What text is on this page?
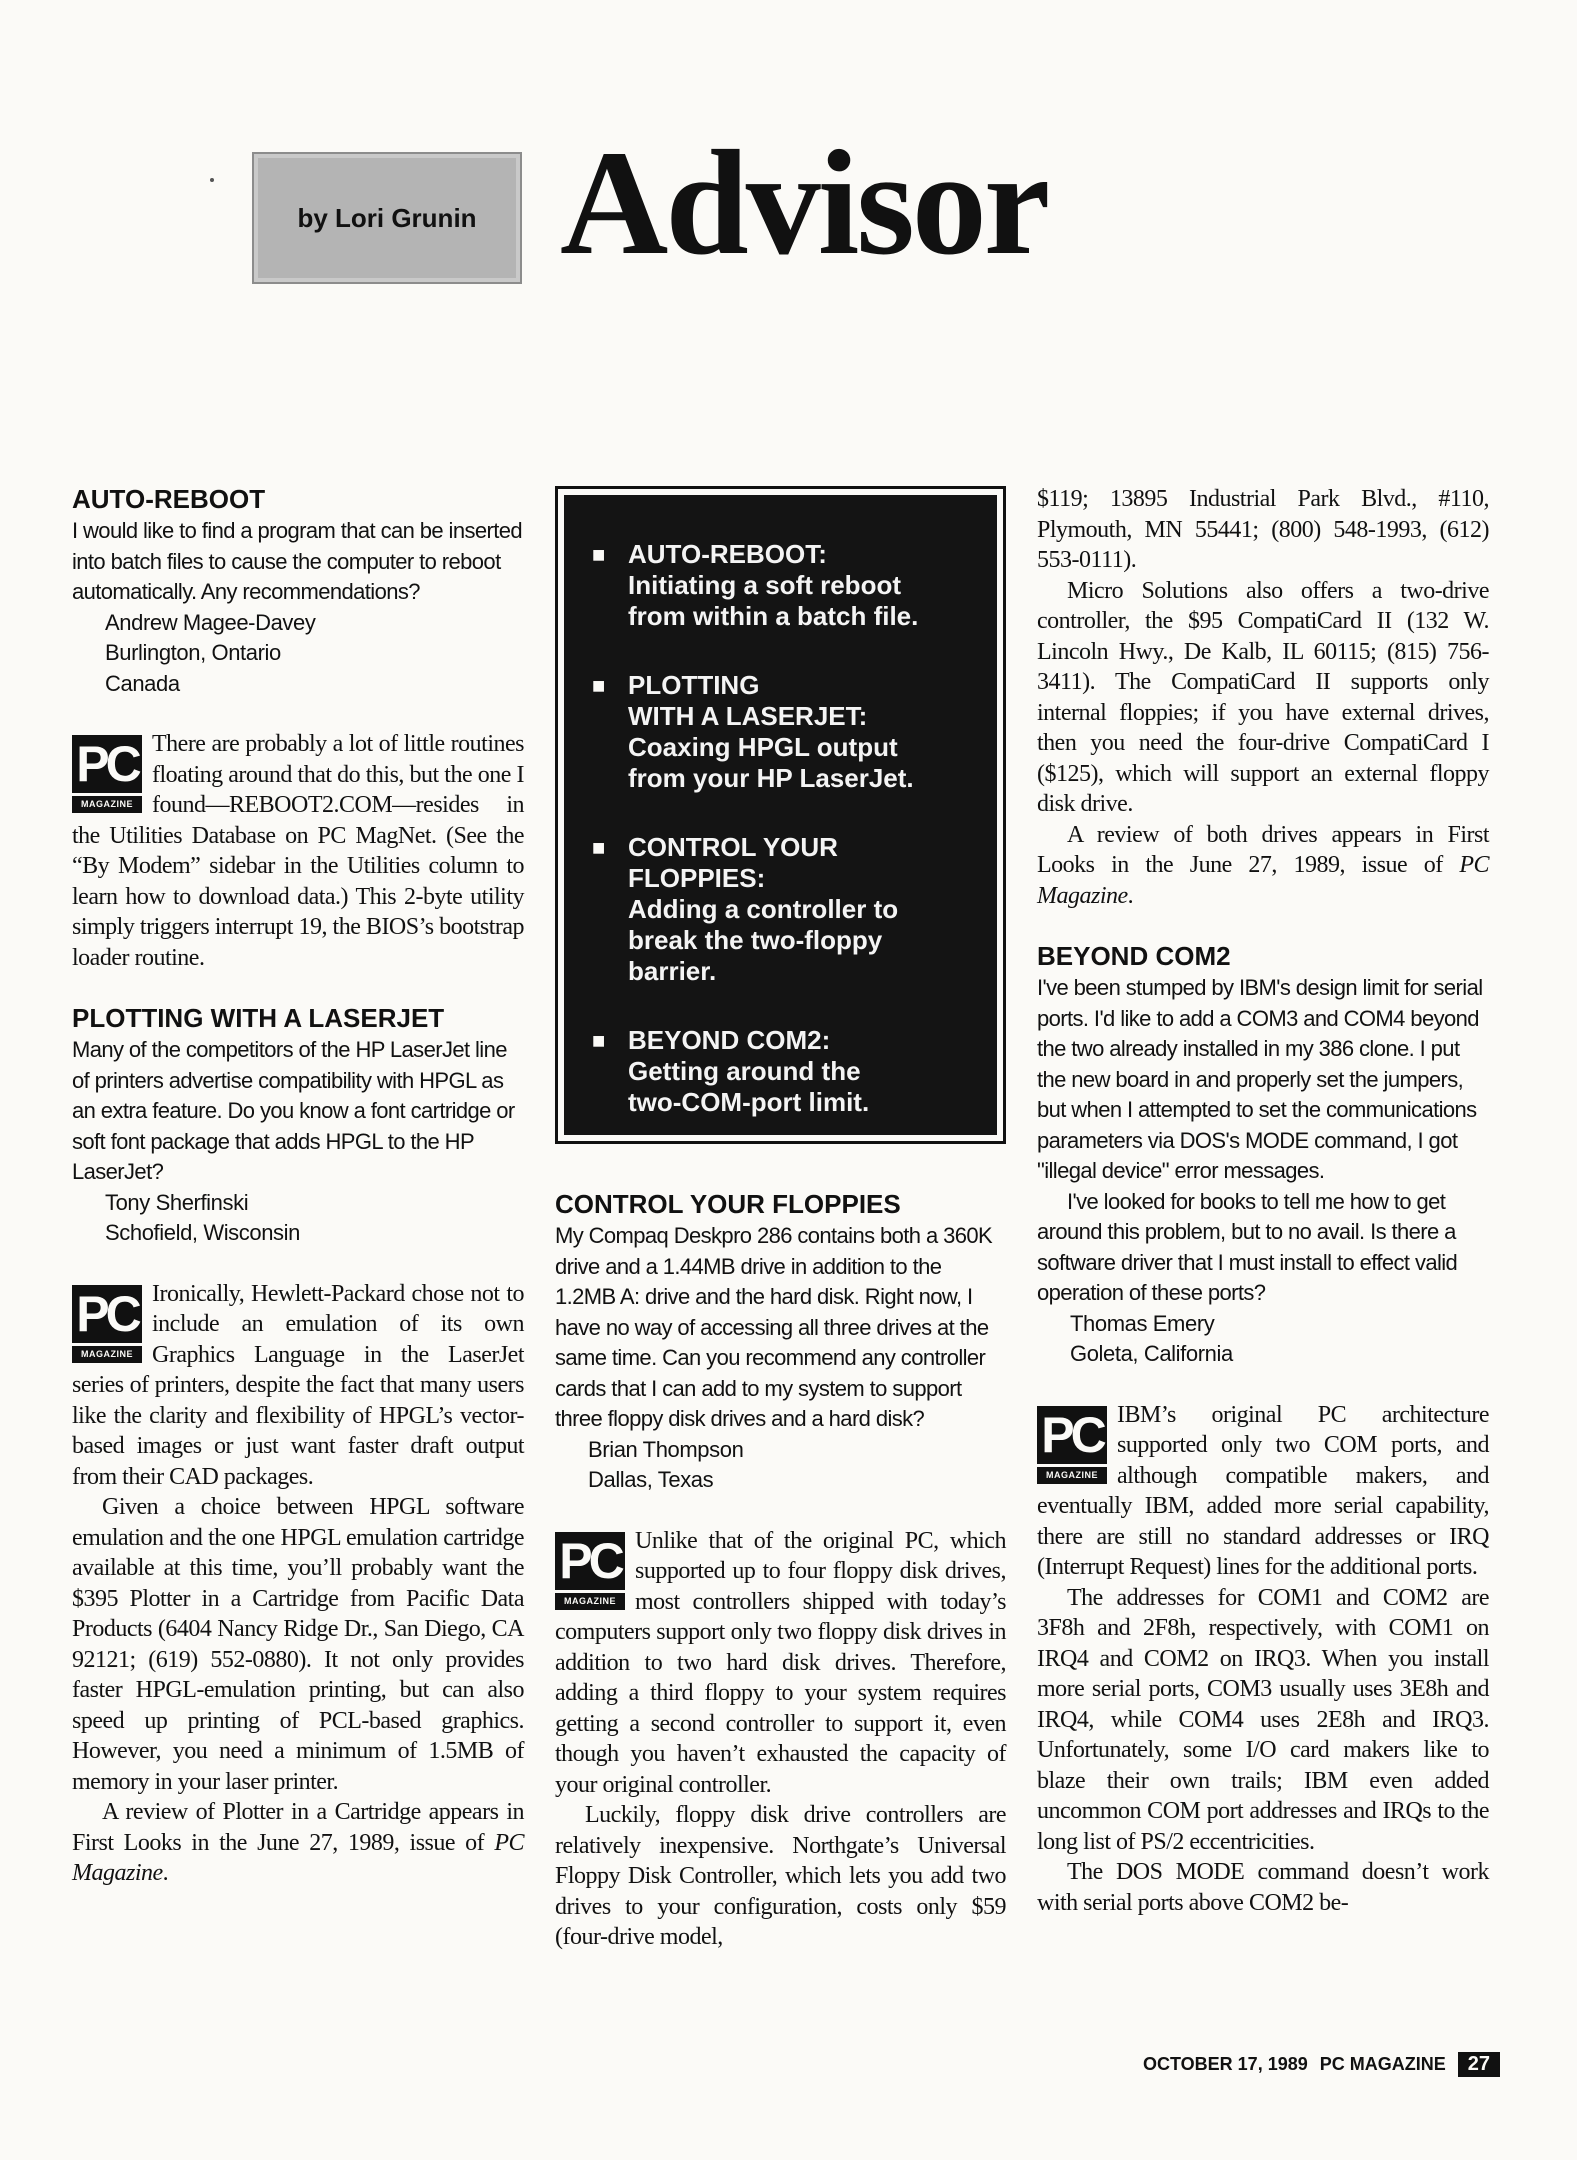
by Lori Grunin Advisor
AUTO-REBOOT

I would like to find a program that can be inserted into batch files to cause the computer to reboot automatically. Any recommendations?

Andrew Magee-Davey

Burlington, Ontario

Canada

PC
MAGAZINE

There are probably a lot of little routines floating around that do this, but the one I found—REBOOT2.COM—resides in the Utilities Database on PC MagNet. (See the “By Modem” sidebar in the Utilities column to learn how to download data.) This 2-byte utility simply triggers interrupt 19, the BIOS’s bootstrap loader routine.

PLOTTING WITH A LASERJET

Many of the competitors of the HP LaserJet line of printers advertise compatibility with HPGL as an extra feature. Do you know a font cartridge or soft font package that adds HPGL to the HP LaserJet?

Tony Sherfinski

Schofield, Wisconsin

PC
MAGAZINE

Ironically, Hewlett-Packard chose not to include an emulation of its own Graphics Language in the LaserJet series of printers, despite the fact that many users like the clarity and flexibility of HPGL’s vector-based images or just want faster draft output from their CAD packages.

Given a choice between HPGL software emulation and the one HPGL emulation cartridge available at this time, you’ll probably want the $395 Plotter in a Cartridge from Pacific Data Products (6404 Nancy Ridge Dr., San Diego, CA 92121; (619) 552-0880). It not only provides faster HPGL-emulation printing, but can also speed up printing of PCL-based graphics. However, you need a minimum of 1.5MB of memory in your laser printer.

A review of Plotter in a Cartridge appears in First Looks in the June 27, 1989, issue of PC Magazine.

■ AUTO-REBOOT:
Initiating a soft reboot
from within a batch file.
■ PLOTTING
WITH A LASERJET:
Coaxing HPGL output
from your HP LaserJet.
■ CONTROL YOUR
FLOPPIES:
Adding a controller to
break the two-floppy
barrier.
■ BEYOND COM2:
Getting around the
two-COM-port limit.
CONTROL YOUR FLOPPIES

My Compaq Deskpro 286 contains both a 360K drive and a 1.44MB drive in addition to the 1.2MB A: drive and the hard disk. Right now, I have no way of accessing all three drives at the same time. Can you recommend any controller cards that I can add to my system to support three floppy disk drives and a hard disk?

Brian Thompson

Dallas, Texas

PC
MAGAZINE

Unlike that of the original PC, which supported up to four floppy disk drives, most controllers shipped with today’s computers support only two floppy disk drives in addition to two hard disk drives. Therefore, adding a third floppy to your system requires getting a second controller to support it, even though you haven’t exhausted the capacity of your original controller.

Luckily, floppy disk drive controllers are relatively inexpensive. Northgate’s Universal Floppy Disk Controller, which lets you add two drives to your configuration, costs only $59 (four-drive model,

$119; 13895 Industrial Park Blvd., #110, Plymouth, MN 55441; (800) 548-1993, (612) 553-0111).

Micro Solutions also offers a two-drive controller, the $95 CompatiCard II (132 W. Lincoln Hwy., De Kalb, IL 60115; (815) 756-3411). The CompatiCard II supports only internal floppies; if you have external drives, then you need the four-drive CompatiCard I ($125), which will support an external floppy disk drive.

A review of both drives appears in First Looks in the June 27, 1989, issue of PC Magazine.

BEYOND COM2

I've been stumped by IBM's design limit for serial ports. I'd like to add a COM3 and COM4 beyond the two already installed in my 386 clone. I put the new board in and properly set the jumpers, but when I attempted to set the communications parameters via DOS's MODE command, I got "illegal device" error messages.

I've looked for books to tell me how to get around this problem, but to no avail. Is there a software driver that I must install to effect valid operation of these ports?

Thomas Emery

Goleta, California

PC
MAGAZINE

IBM’s original PC architecture supported only two COM ports, and although compatible makers, and eventually IBM, added more serial capability, there are still no standard addresses or IRQ (Interrupt Request) lines for the additional ports.

The addresses for COM1 and COM2 are 3F8h and 2F8h, respectively, with COM1 on IRQ4 and COM2 on IRQ3. When you install more serial ports, COM3 usually uses 3E8h and IRQ4, while COM4 uses 2E8h and IRQ3. Unfortunately, some I/O card makers like to blaze their own trails; IBM even added uncommon COM port addresses and IRQs to the long list of PS/2 eccentricities.

The DOS MODE command doesn’t work with serial ports above COM2 be-

OCTOBER 17, 1989 PC MAGAZINE	27
